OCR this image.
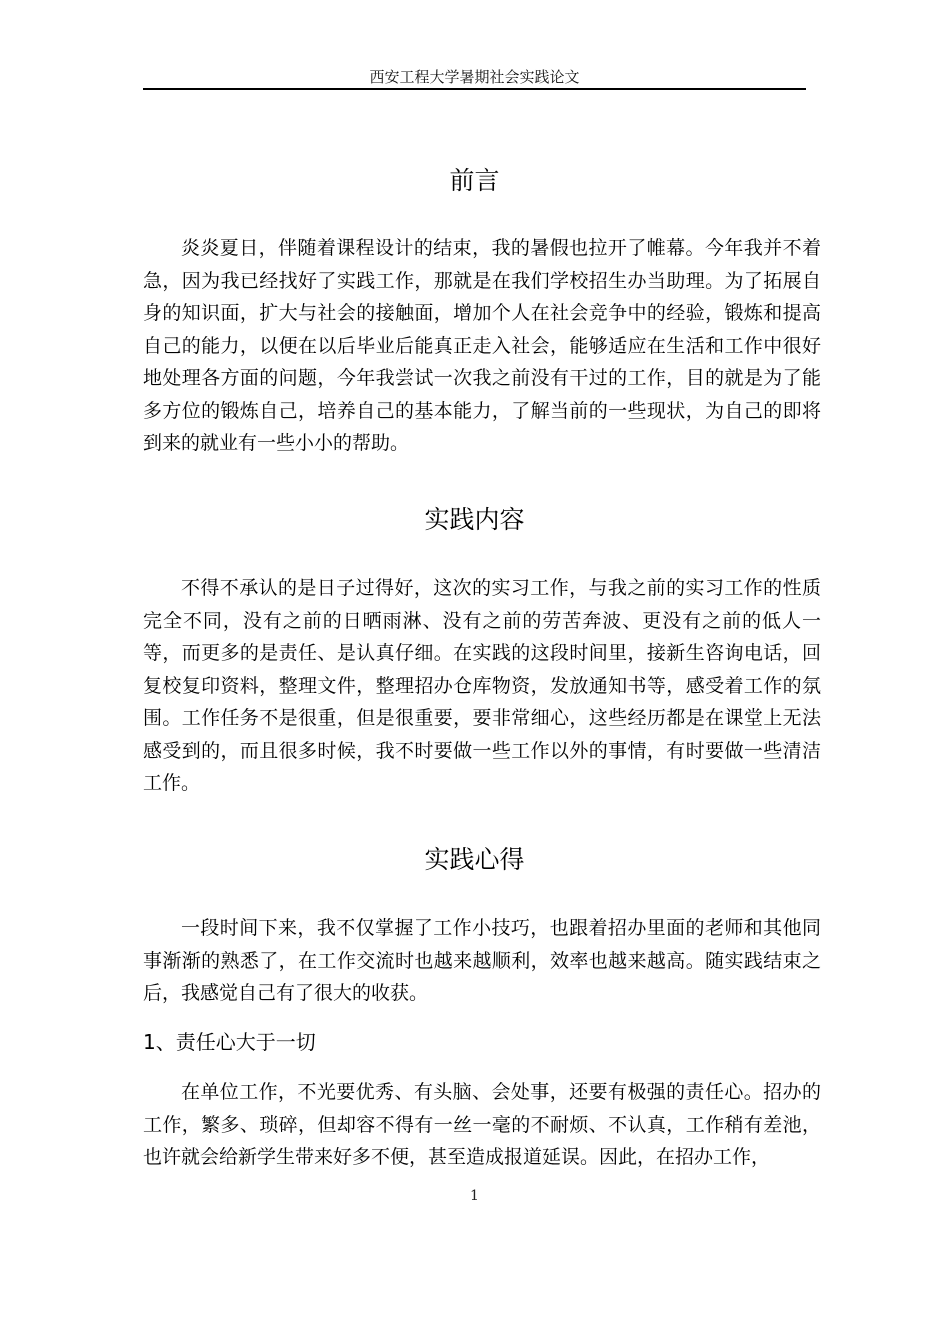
西安工程大学暑期社会实践论文
前言

炎炎夏日，伴随着课程设计的结束，我的暑假也拉开了帷幕。今年我并不着急，因为我已经找好了实践工作，那就是在我们学校招生办当助理。为了拓展自身的知识面，扩大与社会的接触面，增加个人在社会竞争中的经验，锻炼和提高自己的能力，以便在以后毕业后能真正走入社会，能够适应在生活和工作中很好地处理各方面的问题，今年我尝试一次我之前没有干过的工作，目的就是为了能多方位的锻炼自己，培养自己的基本能力，了解当前的一些现状，为自己的即将到来的就业有一些小小的帮助。

实践内容

不得不承认的是日子过得好，这次的实习工作，与我之前的实习工作的性质完全不同，没有之前的日晒雨淋、没有之前的劳苦奔波、更没有之前的低人一等，而更多的是责任、是认真仔细。在实践的这段时间里，接新生咨询电话，回复校复印资料，整理文件，整理招办仓库物资，发放通知书等，感受着工作的氛围。工作任务不是很重，但是很重要，要非常细心，这些经历都是在课堂上无法感受到的，而且很多时候，我不时要做一些工作以外的事情，有时要做一些清洁工作。

实践心得

一段时间下来，我不仅掌握了工作小技巧，也跟着招办里面的老师和其他同事渐渐的熟悉了，在工作交流时也越来越顺利，效率也越来越高。随实践结束之后，我感觉自己有了很大的收获。

1、责任心大于一切

在单位工作，不光要优秀、有头脑、会处事，还要有极强的责任心。招办的工作，繁多、琐碎，但却容不得有一丝一毫的不耐烦、不认真，工作稍有差池，也许就会给新学生带来好多不便，甚至造成报道延误。因此，在招办工作，

1
